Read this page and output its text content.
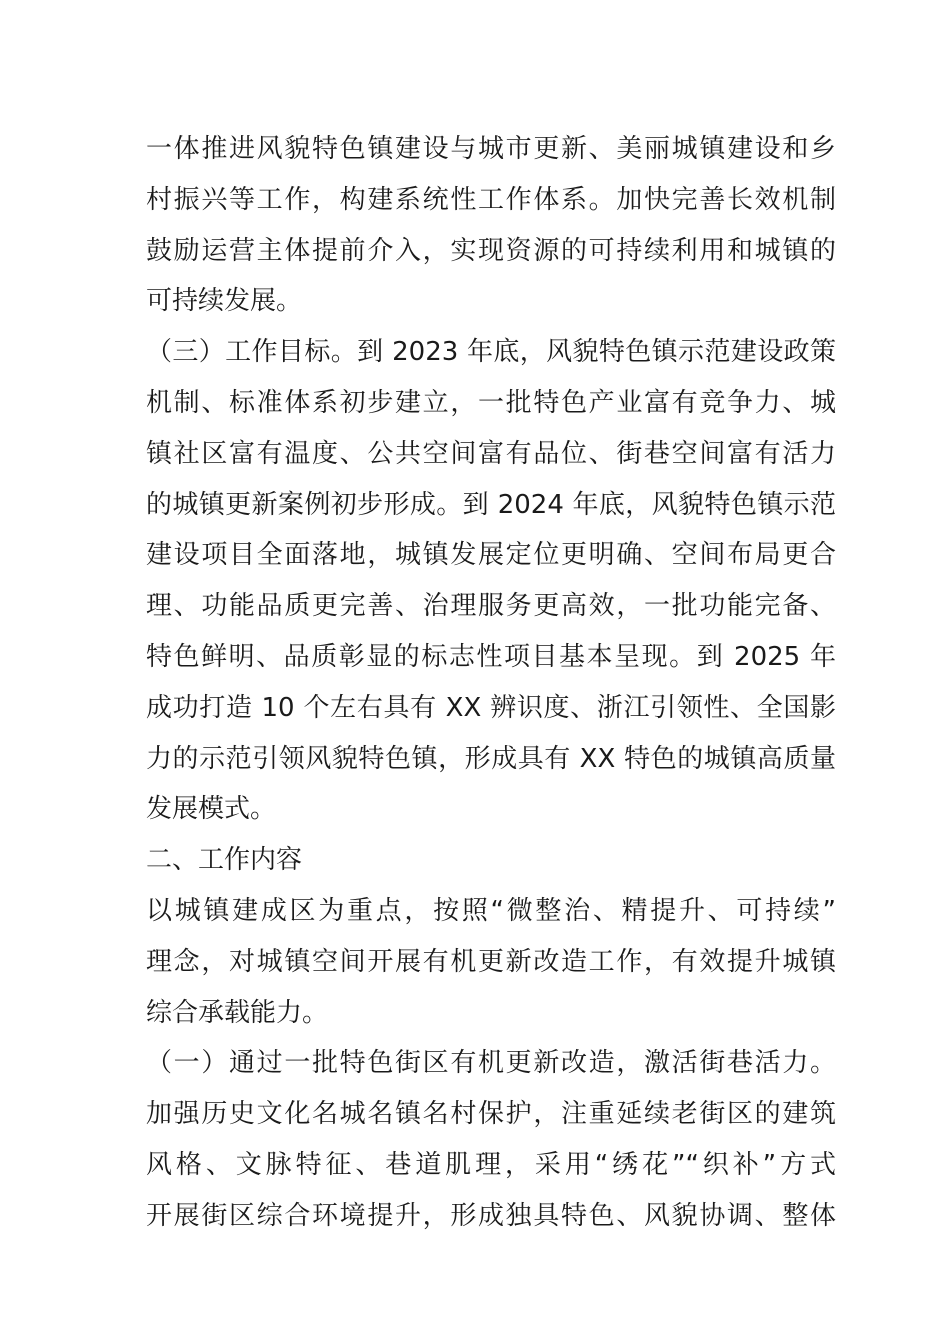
一体推进风貌特色镇建设与城市更新、美丽城镇建设和乡
村振兴等工作，构建系统性工作体系。加快完善长效机制
鼓励运营主体提前介入，实现资源的可持续利用和城镇的
可持续发展。
（三）工作目标。到 2023 年底，风貌特色镇示范建设政策
机制、标准体系初步建立，一批特色产业富有竞争力、城
镇社区富有温度、公共空间富有品位、街巷空间富有活力
的城镇更新案例初步形成。到 2024 年底，风貌特色镇示范
建设项目全面落地，城镇发展定位更明确、空间布局更合
理、功能品质更完善、治理服务更高效，一批功能完备、
特色鲜明、品质彰显的标志性项目基本呈现。到 2025 年
成功打造 10 个左右具有 XX 辨识度、浙江引领性、全国影
力的示范引领风貌特色镇，形成具有 XX 特色的城镇高质量
发展模式。
二、工作内容
以城镇建成区为重点，按照“微整治、精提升、可持续”
理念，对城镇空间开展有机更新改造工作，有效提升城镇
综合承载能力。
（一）通过一批特色街区有机更新改造，激活街巷活力。
加强历史文化名城名镇名村保护，注重延续老街区的建筑
风格、文脉特征、巷道肌理，采用“绣花”“织补”方式
开展街区综合环境提升，形成独具特色、风貌协调、整体
